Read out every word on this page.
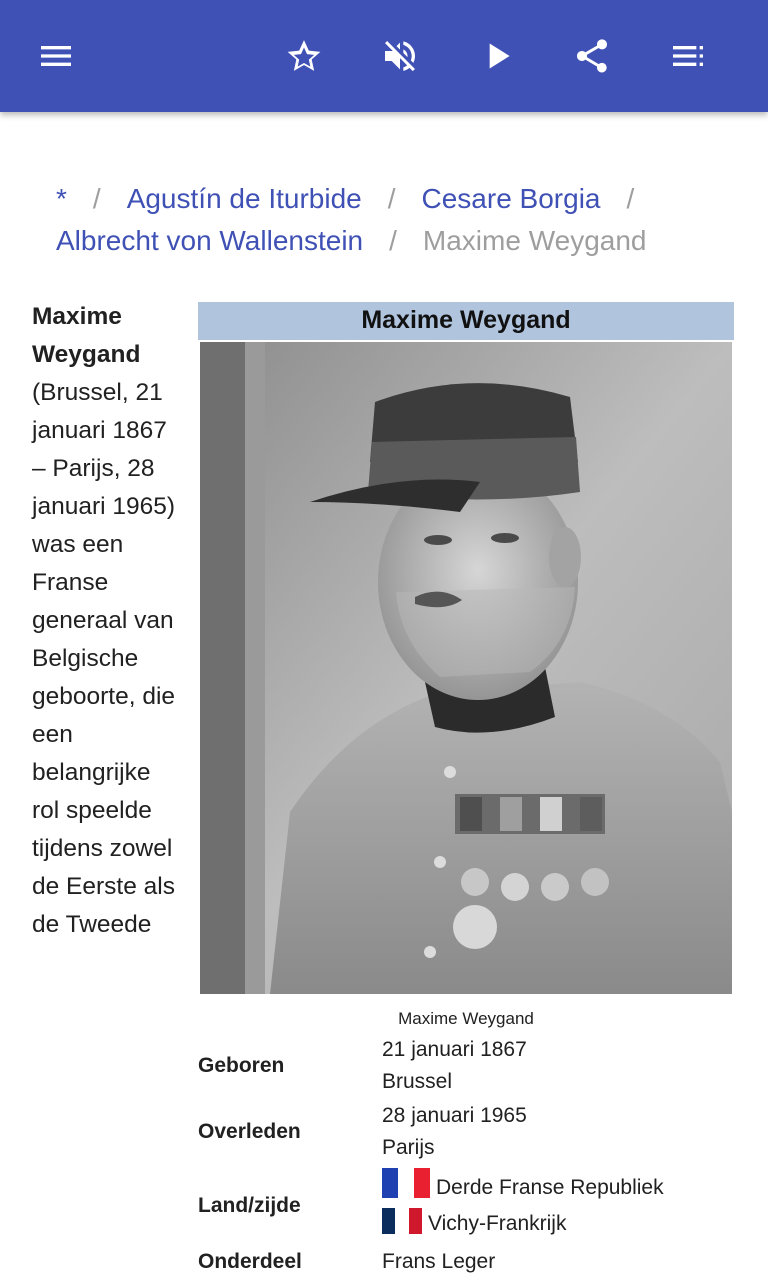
* / Agustín de Iturbide / Cesare Borgia /
Albrecht von Wallenstein / Maxime Weygand

Maxime Weygand (Brussel, 21 januari 1867 – Parijs, 28 januari 1965) was een Franse generaal van Belgische geboorte, die een belangrijke rol speelde tijdens zowel de Eerste als de Tweede

Maxime Weygand
Maxime Weygand
Geboren
21 januari 1867
Brussel
Overleden
28 januari 1965
Parijs
Land/zijde
Derde Franse Republiek
Vichy-Frankrijk
Onderdeel	Frans Leger
